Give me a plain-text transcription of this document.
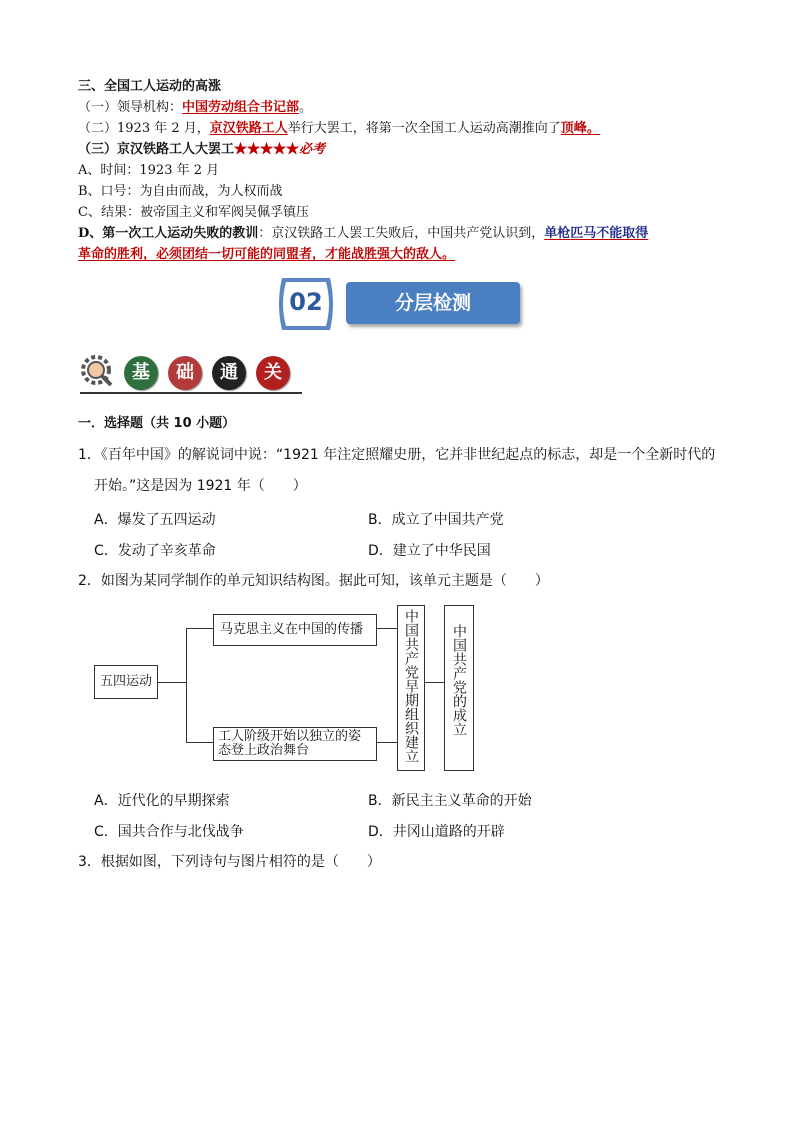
三、全国工人运动的高涨
（一）领导机构：中国劳动组合书记部。
（二）1923 年 2 月，京汉铁路工人举行大罢工，将第一次全国工人运动高潮推向了顶峰。
（三）京汉铁路工人大罢工★★★★★必考
A、时间：1923 年 2 月
B、口号：为自由而战，为人权而战
C、结果：被帝国主义和军阀吴佩孚镇压
D、第一次工人运动失败的教训：京汉铁路工人罢工失败后，中国共产党认识到，单枪匹马不能取得
革命的胜利，必须团结一切可能的同盟者，才能战胜强大的敌人。
02	分层检测
基	础	通	关
一．选择题（共 10 小题）
1．《百年中国》的解说词中说：“1921 年注定照耀史册，它并非世纪起点的标志，却是一个全新时代的
开始。”这是因为 1921 年（　　）
A．爆发了五四运动	B．成立了中国共产党
C．发动了辛亥革命	D．建立了中华民国
2．如图为某同学制作的单元知识结构图。据此可知，该单元主题是（　　）
五四运动
马克思主义在中国的传播
工人阶级开始以独立的姿态登上政治舞台	中国共产党早期组织建立	中国共产党的成立
A．近代化的早期探索	B．新民主主义革命的开始
C．国共合作与北伐战争	D．井冈山道路的开辟
3．根据如图，下列诗句与图片相符的是（　　）
